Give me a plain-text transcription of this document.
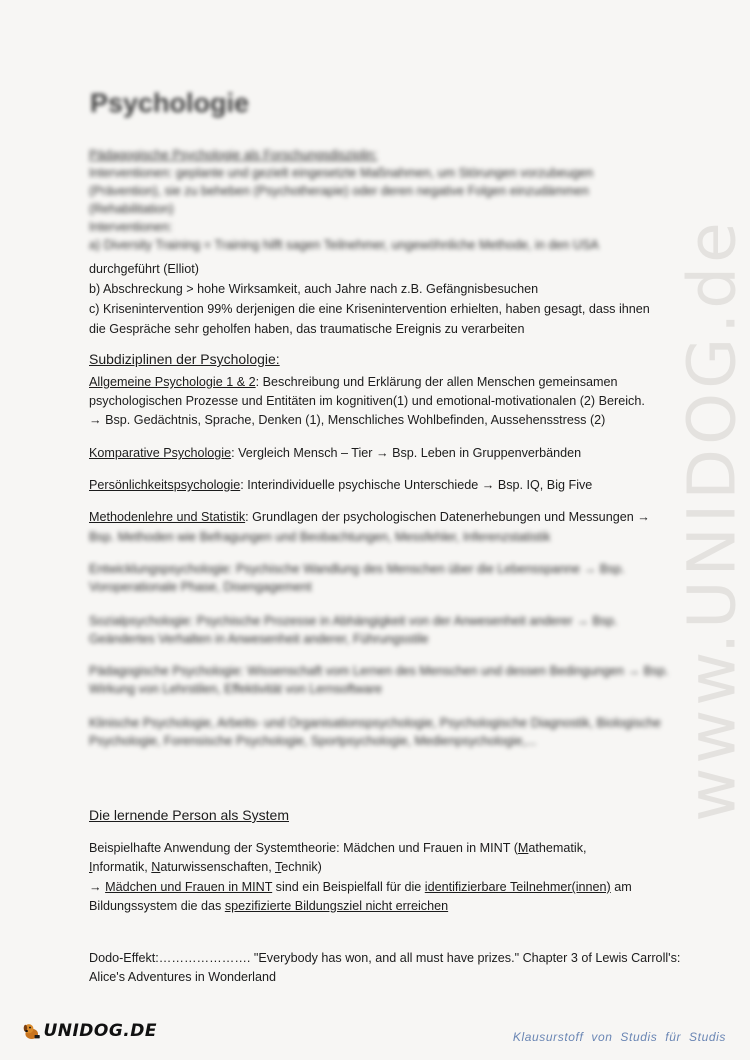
www.UNIDOG.de
Psychologie
Pädagogische Psychologie als Forschungsdisziplin:
Interventionen: geplante und gezielt eingesetzte Maßnahmen, um Störungen vorzubeugen
(Prävention), sie zu beheben (Psychotherapie) oder deren negative Folgen einzudämmen
(Rehabilitation)
Interventionen:
a) Diversity Training = Training hilft sagen Teilnehmer, ungewöhnliche Methode, in den USA
durchgeführt (Elliot)
b) Abschreckung > hohe Wirksamkeit, auch Jahre nach z.B. Gefängnisbesuchen
c) Krisenintervention 99% derjenigen die eine Krisenintervention erhielten, haben gesagt, dass ihnen
die Gespräche sehr geholfen haben, das traumatische Ereignis zu verarbeiten
Subdiziplinen der Psychologie:
Allgemeine Psychologie 1 & 2: Beschreibung und Erklärung der allen Menschen gemeinsamen
psychologischen Prozesse und Entitäten im kognitiven(1) und emotional-motivationalen (2) Bereich.
→ Bsp. Gedächtnis, Sprache, Denken (1), Menschliches Wohlbefinden, Aussehensstress (2)
Komparative Psychologie: Vergleich Mensch – Tier → Bsp. Leben in Gruppenverbänden
Persönlichkeitspsychologie: Interindividuelle psychische Unterschiede → Bsp. IQ, Big Five
Methodenlehre und Statistik: Grundlagen der psychologischen Datenerhebungen und Messungen →
Bsp. Methoden wie Befragungen und Beobachtungen, Messfehler, Inferenzstatistik
Entwicklungspsychologie: Psychische Wandlung des Menschen über die Lebensspanne → Bsp.
Voroperationale Phase, Disengagement
Sozialpsychologie: Psychische Prozesse in Abhängigkeit von der Anwesenheit anderer → Bsp.
Geändertes Verhalten in Anwesenheit anderer, Führungsstile
Pädagogische Psychologie: Wissenschaft vom Lernen des Menschen und dessen Bedingungen → Bsp.
Wirkung von Lehrstilen, Effektivität von Lernsoftware
Klinische Psychologie, Arbeits- und Organisationspsychologie, Psychologische Diagnostik, Biologische
Psychologie, Forensische Psychologie, Sportpsychologie, Medienpsychologie,...
Die lernende Person als System
Beispielhafte Anwendung der Systemtheorie: Mädchen und Frauen in MINT (Mathematik,
Informatik, Naturwissenschaften, Technik)
→ Mädchen und Frauen in MINT sind ein Beispielfall für die identifizierbare Teilnehmer(innen) am
Bildungssystem die das spezifizierte Bildungsziel nicht erreichen
Dodo-Effekt:…………………. "Everybody has won, and all must have prizes." Chapter 3 of Lewis Carroll's:
Alice's Adventures in Wonderland
UNIDOG.DE	Klausurstoff von Studis für Studis
